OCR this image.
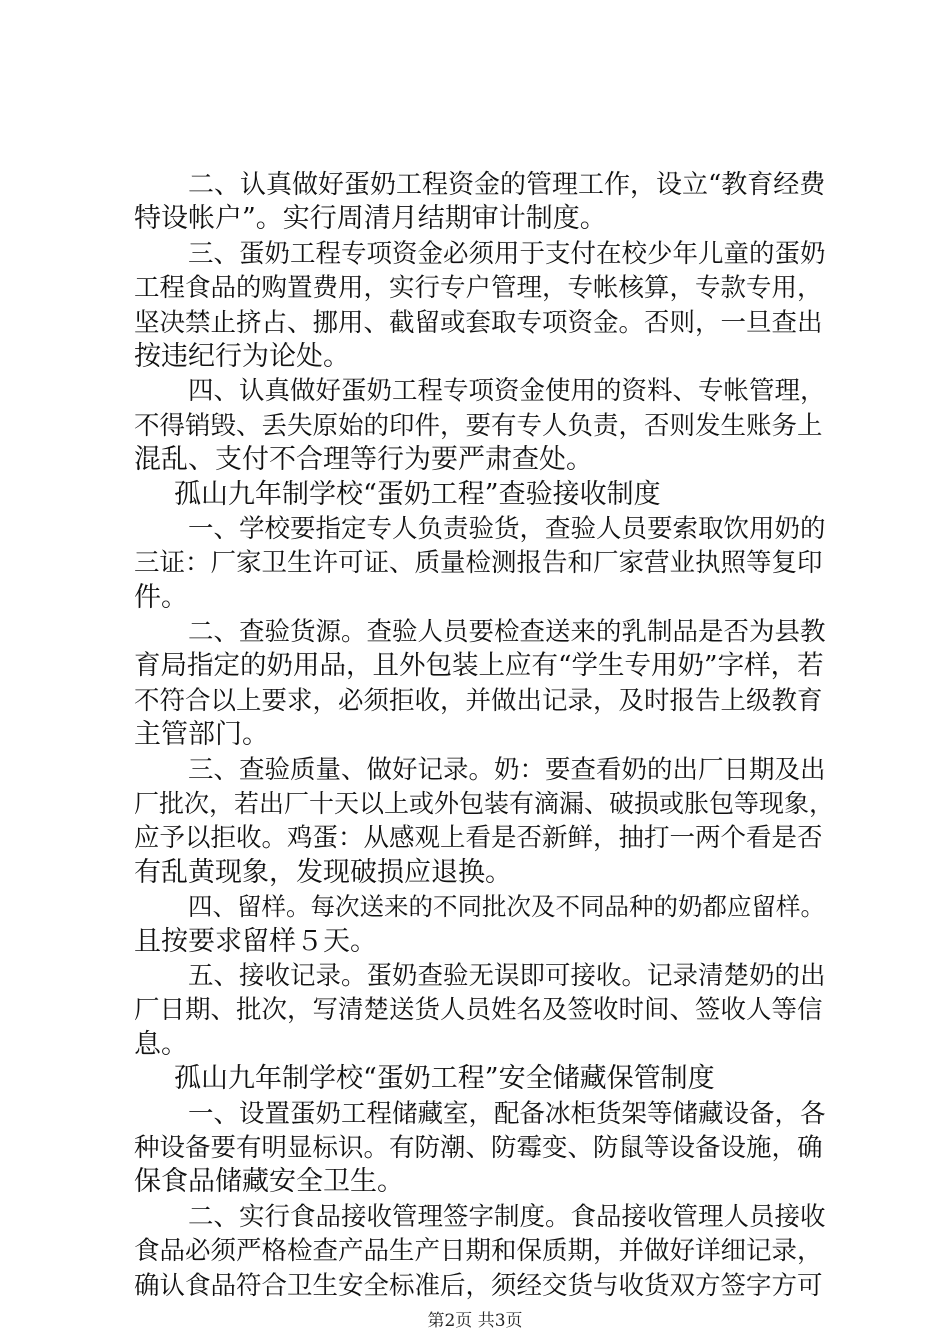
二、认真做好蛋奶工程资金的管理工作，设立“教育经费
特设帐户”。实行周清月结期审计制度。
三、蛋奶工程专项资金必须用于支付在校少年儿童的蛋奶
工程食品的购置费用，实行专户管理，专帐核算，专款专用，
坚决禁止挤占、挪用、截留或套取专项资金。否则，一旦查出
按违纪行为论处。
四、认真做好蛋奶工程专项资金使用的资料、专帐管理，
不得销毁、丢失原始的印件，要有专人负责，否则发生账务上
混乱、支付不合理等行为要严肃查处。
孤山九年制学校“蛋奶工程”查验接收制度
一、学校要指定专人负责验货，查验人员要索取饮用奶的
三证：厂家卫生许可证、质量检测报告和厂家营业执照等复印
件。
二、查验货源。查验人员要检查送来的乳制品是否为县教
育局指定的奶用品，且外包装上应有“学生专用奶”字样，若
不符合以上要求，必须拒收，并做出记录，及时报告上级教育
主管部门。
三、查验质量、做好记录。奶：要查看奶的出厂日期及出
厂批次，若出厂十天以上或外包装有滴漏、破损或胀包等现象，
应予以拒收。鸡蛋：从感观上看是否新鲜，抽打一两个看是否
有乱黄现象，发现破损应退换。
四、留样。每次送来的不同批次及不同品种的奶都应留样。
且按要求留样５天。
五、接收记录。蛋奶查验无误即可接收。记录清楚奶的出
厂日期、批次，写清楚送货人员姓名及签收时间、签收人等信
息。
孤山九年制学校“蛋奶工程”安全储藏保管制度
一、设置蛋奶工程储藏室，配备冰柜货架等储藏设备，各
种设备要有明显标识。有防潮、防霉变、防鼠等设备设施，确
保食品储藏安全卫生。
二、实行食品接收管理签字制度。食品接收管理人员接收
食品必须严格检查产品生产日期和保质期，并做好详细记录，
确认食品符合卫生安全标准后，须经交货与收货双方签字方可
第2页 共3页
